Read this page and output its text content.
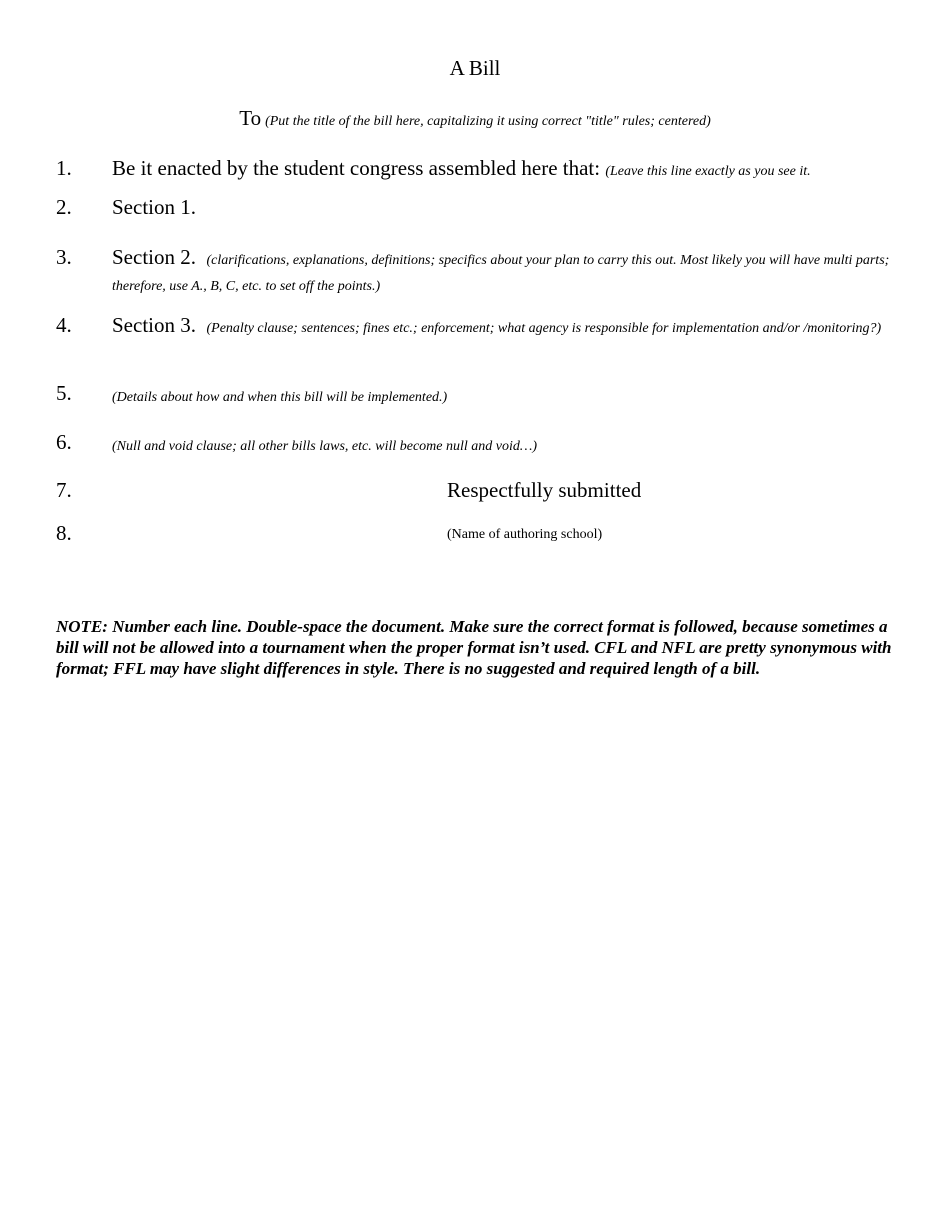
A Bill
To (Put the title of the bill here, capitalizing it using correct "title" rules; centered)
1. Be it enacted by the student congress assembled here that: (Leave this line exactly as you see it.
2. Section 1.
3. Section 2. (clarifications, explanations, definitions; specifics about your plan to carry this out. Most likely you will have multi parts; therefore, use A., B, C, etc. to set off the points.)
4. Section 3. (Penalty clause; sentences; fines etc.; enforcement; what agency is responsible for implementation and/or /monitoring?)
5.	(Details about how and when this bill will be implemented.)
6.	(Null and void clause; all other bills laws, etc. will become null and void…)
7.	Respectfully submitted
8.	(Name of authoring school)
NOTE: Number each line. Double-space the document. Make sure the correct format is followed, because sometimes a bill will not be allowed into a tournament when the proper format isn’t used. CFL and NFL are pretty synonymous with format; FFL may have slight differences in style. There is no suggested and required length of a bill.
